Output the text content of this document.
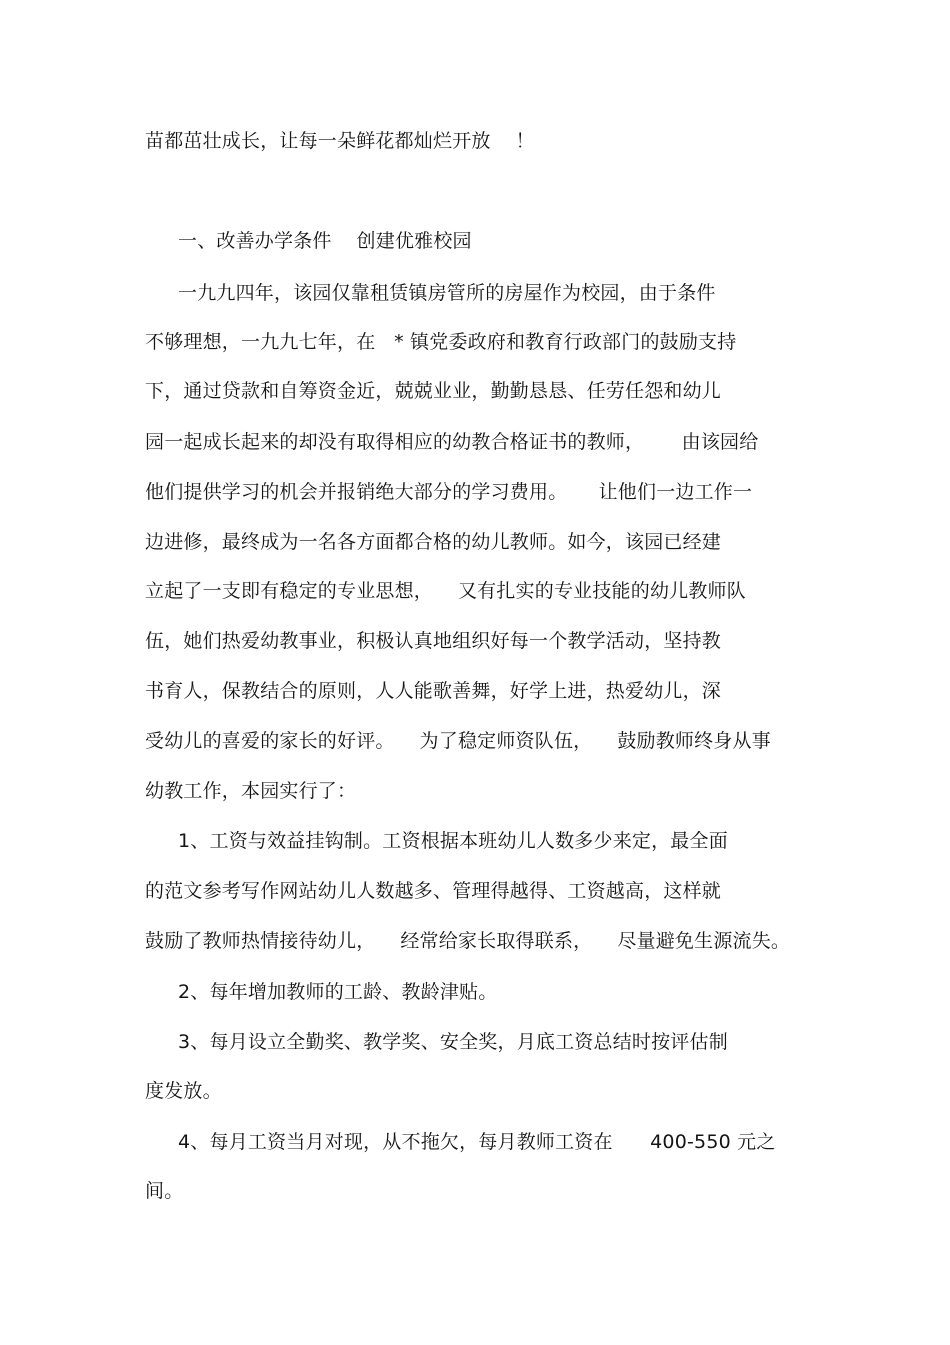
苗都茁壮成长，让每一朵鲜花都灿烂开放    ！
一、改善办学条件    创建优雅校园
一九九四年，该园仅靠租赁镇房管所的房屋作为校园，由于条件
不够理想，一九九七年，在   * 镇党委政府和教育行政部门的鼓励支持
下，通过贷款和自筹资金近，兢兢业业，勤勤恳恳、任劳任怨和幼儿
园一起成长起来的却没有取得相应的幼教合格证书的教师，      由该园给
他们提供学习的机会并报销绝大部分的学习费用。     让他们一边工作一
边进修，最终成为一名各方面都合格的幼儿教师。如今，该园已经建
立起了一支即有稳定的专业思想，    又有扎实的专业技能的幼儿教师队
伍，她们热爱幼教事业，积极认真地组织好每一个教学活动，坚持教
书育人，保教结合的原则，人人能歌善舞，好学上进，热爱幼儿，深
受幼儿的喜爱的家长的好评。    为了稳定师资队伍，    鼓励教师终身从事
幼教工作，本园实行了：
1、工资与效益挂钩制。工资根据本班幼儿人数多少来定，最全面
的范文参考写作网站幼儿人数越多、管理得越得、工资越高，这样就
鼓励了教师热情接待幼儿，    经常给家长取得联系，    尽量避免生源流失。
2、每年增加教师的工龄、教龄津贴。
3、每月设立全勤奖、教学奖、安全奖，月底工资总结时按评估制
度发放。
4、每月工资当月对现，从不拖欠，每月教师工资在      400-550 元之
间。
